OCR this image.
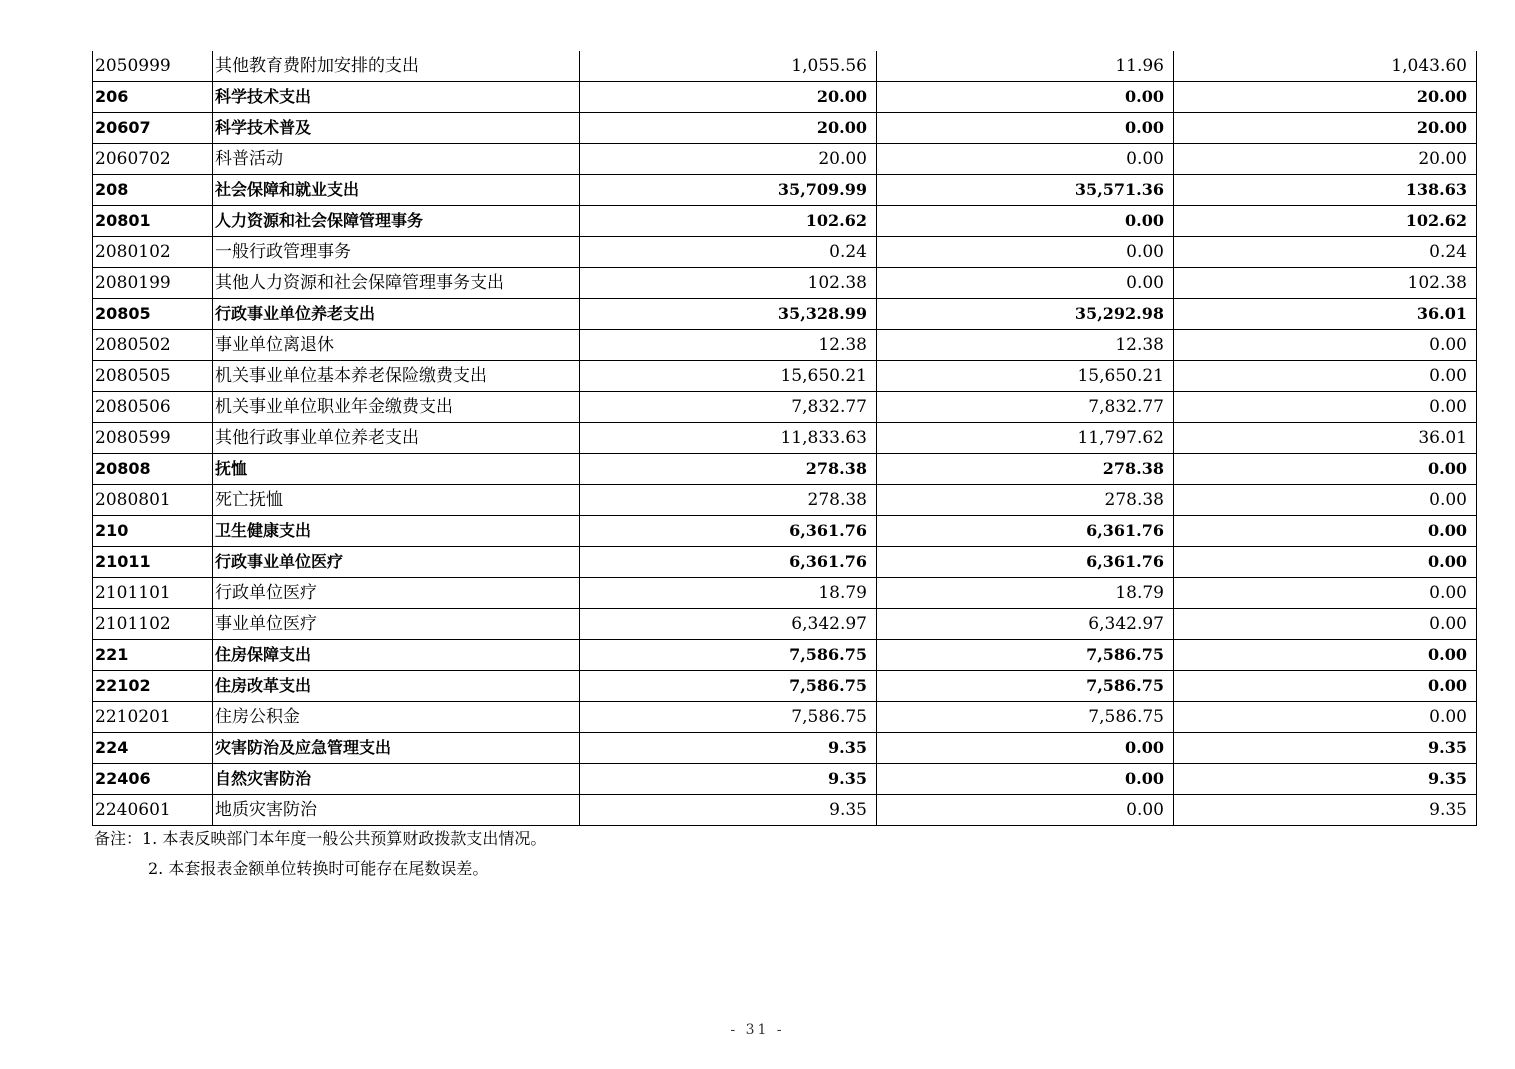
2050999	其他教育费附加安排的支出	1,055.56	11.96	1,043.60
206	科学技术支出	20.00	0.00	20.00
20607	科学技术普及	20.00	0.00	20.00
2060702	科普活动	20.00	0.00	20.00
208	社会保障和就业支出	35,709.99	35,571.36	138.63
20801	人力资源和社会保障管理事务	102.62	0.00	102.62
2080102	一般行政管理事务	0.24	0.00	0.24
2080199	其他人力资源和社会保障管理事务支出	102.38	0.00	102.38
20805	行政事业单位养老支出	35,328.99	35,292.98	36.01
2080502	事业单位离退休	12.38	12.38	0.00
2080505	机关事业单位基本养老保险缴费支出	15,650.21	15,650.21	0.00
2080506	机关事业单位职业年金缴费支出	7,832.77	7,832.77	0.00
2080599	其他行政事业单位养老支出	11,833.63	11,797.62	36.01
20808	抚恤	278.38	278.38	0.00
2080801	死亡抚恤	278.38	278.38	0.00
210	卫生健康支出	6,361.76	6,361.76	0.00
21011	行政事业单位医疗	6,361.76	6,361.76	0.00
2101101	行政单位医疗	18.79	18.79	0.00
2101102	事业单位医疗	6,342.97	6,342.97	0.00
221	住房保障支出	7,586.75	7,586.75	0.00
22102	住房改革支出	7,586.75	7,586.75	0.00
2210201	住房公积金	7,586.75	7,586.75	0.00
224	灾害防治及应急管理支出	9.35	0.00	9.35
22406	自然灾害防治	9.35	0.00	9.35
2240601	地质灾害防治	9.35	0.00	9.35
备注：1. 本表反映部门本年度一般公共预算财政拨款支出情况。
2. 本套报表金额单位转换时可能存在尾数误差。
- 31 -
